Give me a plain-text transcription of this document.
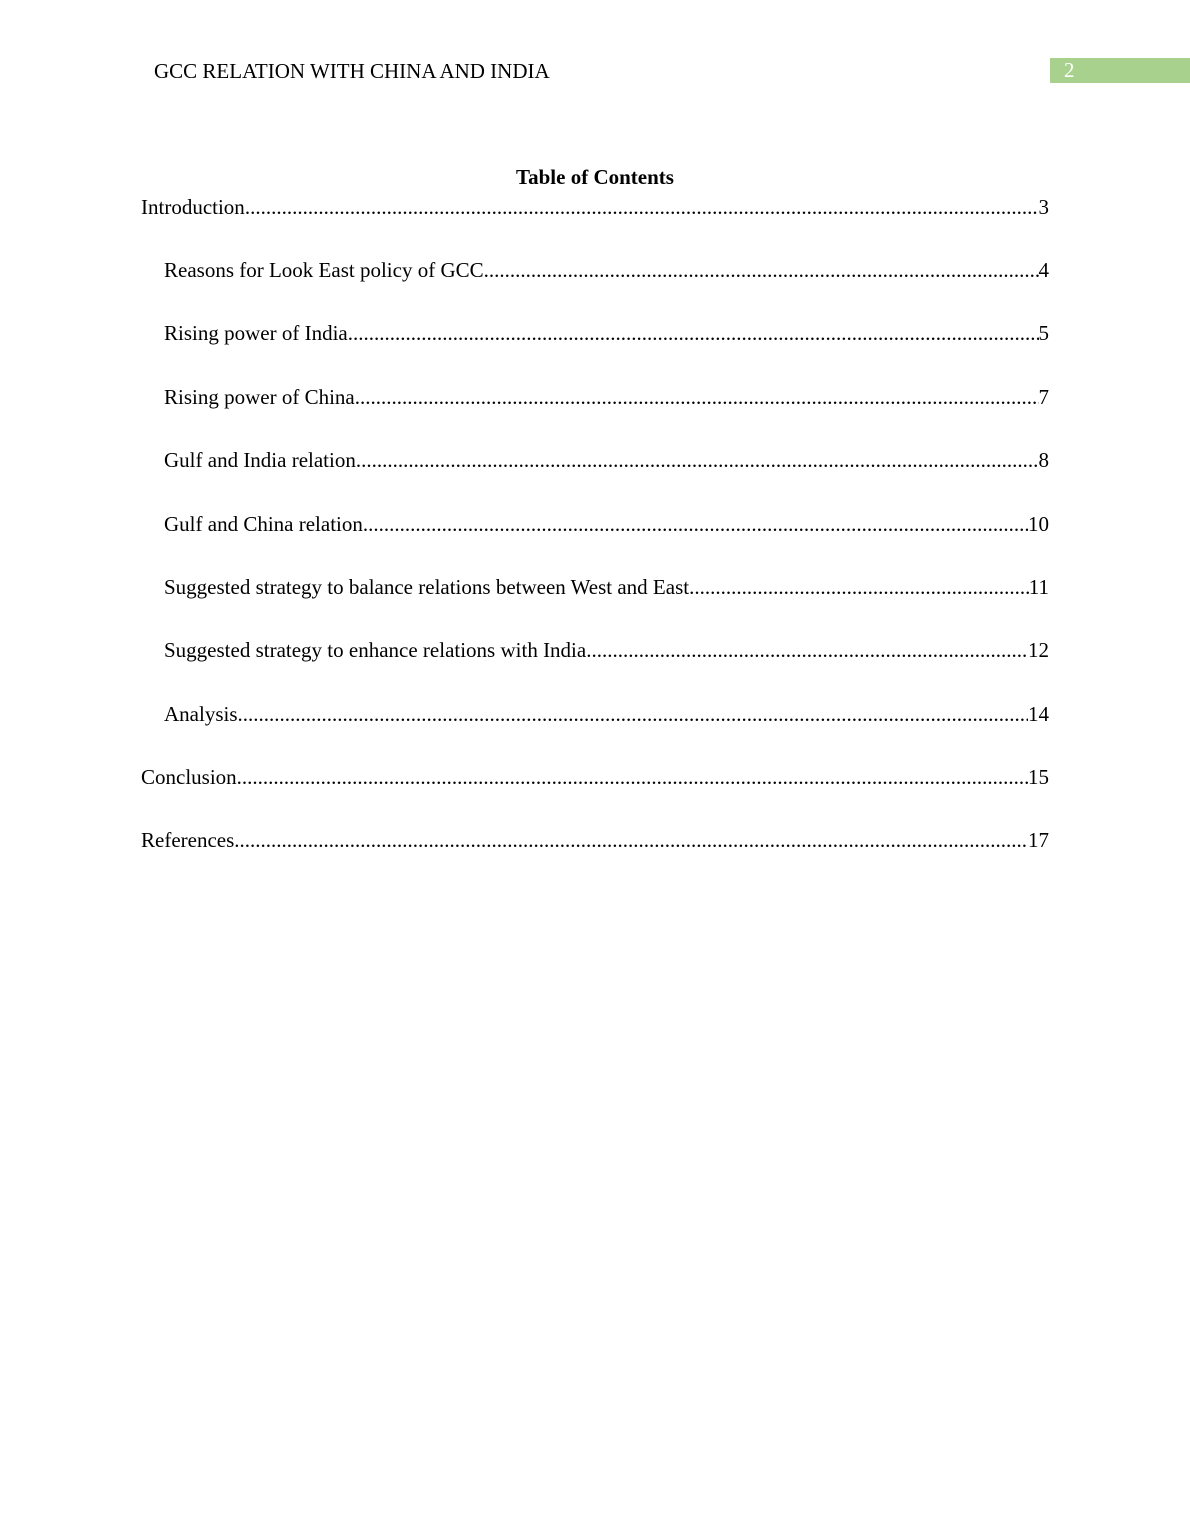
GCC RELATION WITH CHINA AND INDIA	2
Table of Contents
Introduction .....	3
Reasons for Look East policy of GCC .....	4
Rising power of India .....	5
Rising power of China .....	7
Gulf and India relation .....	8
Gulf and China relation .....	10
Suggested strategy to balance relations between West and East .....	11
Suggested strategy to enhance relations with India .....	12
Analysis .....	14
Conclusion .....	15
References .....	17
